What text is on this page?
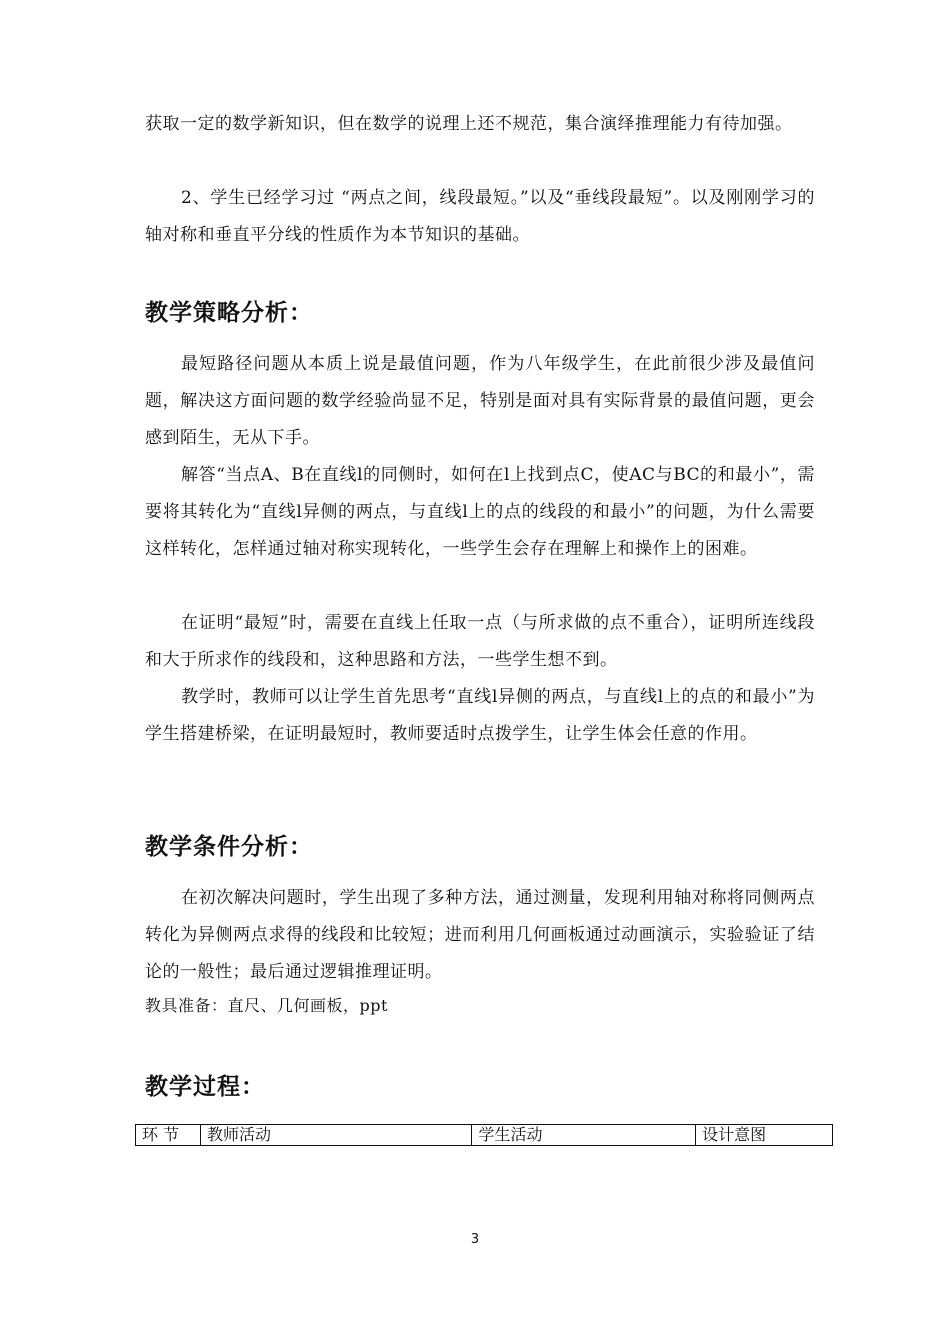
获取一定的数学新知识，但在数学的说理上还不规范，集合演绎推理能力有待加强。

2、学生已经学习过 “两点之间，线段最短。”以及“垂线段最短”。以及刚刚学习的轴对称和垂直平分线的性质作为本节知识的基础。

教学策略分析：

最短路径问题从本质上说是最值问题，作为八年级学生，在此前很少涉及最值问题，解决这方面问题的数学经验尚显不足，特别是面对具有实际背景的最值问题，更会感到陌生，无从下手。

解答“当点A、B在直线l的同侧时，如何在l上找到点C，使AC与BC的和最小”，需要将其转化为“直线l异侧的两点，与直线l上的点的线段的和最小”的问题，为什么需要这样转化，怎样通过轴对称实现转化，一些学生会存在理解上和操作上的困难。

在证明“最短”时，需要在直线上任取一点（与所求做的点不重合），证明所连线段和大于所求作的线段和，这种思路和方法，一些学生想不到。

教学时，教师可以让学生首先思考“直线l异侧的两点，与直线l上的点的和最小”为学生搭建桥梁，在证明最短时，教师要适时点拨学生，让学生体会任意的作用。

教学条件分析：

在初次解决问题时，学生出现了多种方法，通过测量，发现利用轴对称将同侧两点转化为异侧两点求得的线段和比较短；进而利用几何画板通过动画演示，实验验证了结论的一般性；最后通过逻辑推理证明。

教具准备：直尺、几何画板，ppt

教学过程：
环 节	教师活动	学生活动	设计意图
3
